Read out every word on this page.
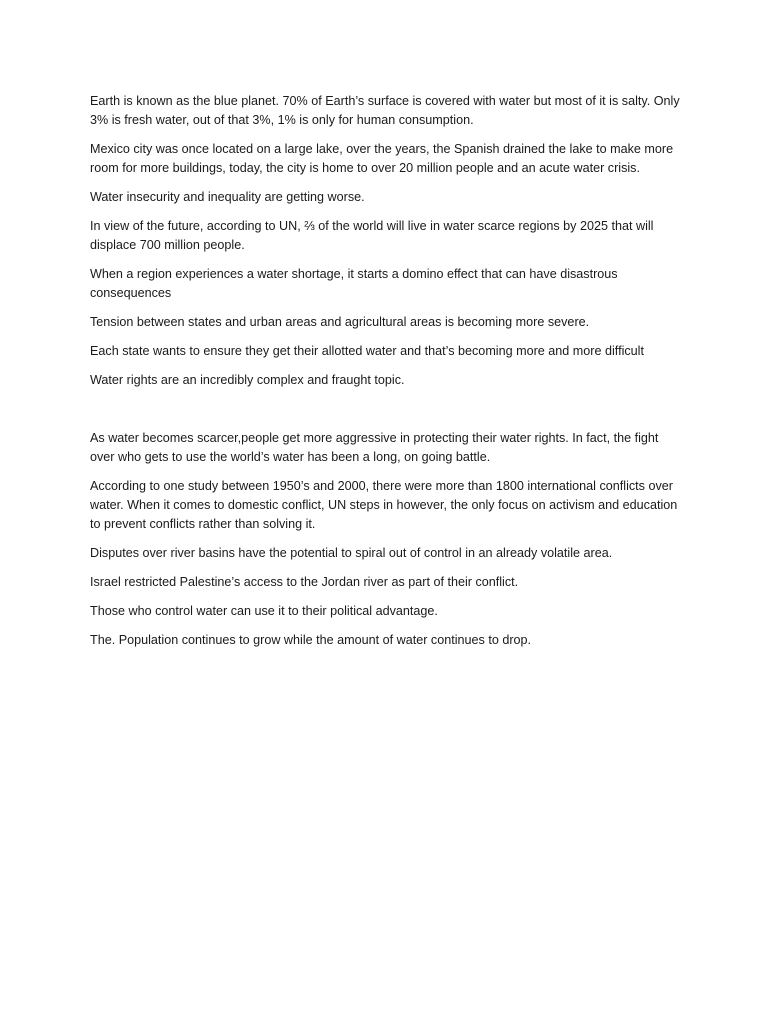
Earth is known as the blue planet. 70% of Earth’s surface is covered with water but most of it is salty. Only 3% is fresh water, out of that 3%, 1% is only for human consumption.

Mexico city was once located on a large lake, over the years, the Spanish drained the lake to make more room for more buildings, today, the city is home to over 20 million people and an acute water crisis.

Water insecurity and inequality are getting worse.

In view of the future, according to UN, ⅔ of the world will live in water scarce regions by 2025 that will displace 700 million people.

When a region experiences a water shortage, it starts a domino effect that can have disastrous consequences

Tension between states and urban areas and agricultural areas is becoming more severe.

Each state wants to ensure they get their allotted water and that’s becoming more and more difficult

Water rights are an incredibly complex and fraught topic.

As water becomes scarcer,people get more aggressive in protecting their water rights. In fact, the fight over who gets to use the world’s water has been a long, on going battle.

According to one study between 1950’s and 2000, there were more than 1800 international conflicts over water. When it comes to domestic conflict, UN steps in however, the only focus on activism and education to prevent conflicts rather than solving it.

Disputes over river basins have the potential to spiral out of control in an already volatile area.

Israel restricted Palestine’s access to the Jordan river as part of their conflict.

Those who control water can use it to their political advantage.

The. Population continues to grow while the amount of water continues to drop.
